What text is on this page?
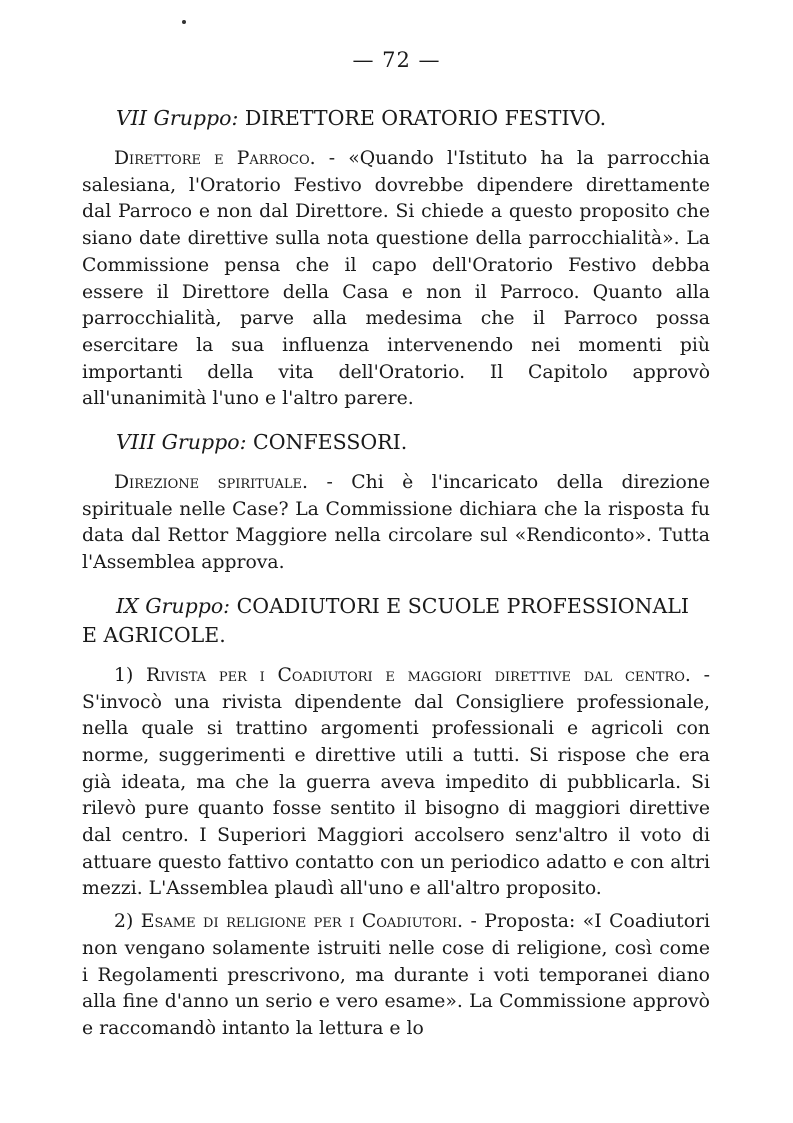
— 72 —

VII Gruppo: DIRETTORE ORATORIO FESTIVO.

Direttore e Parroco. - «Quando l'Istituto ha la parrocchia salesiana, l'Oratorio Festivo dovrebbe dipendere direttamente dal Parroco e non dal Direttore. Si chiede a questo proposito che siano date direttive sulla nota questione della parrocchialità». La Commissione pensa che il capo dell'Oratorio Festivo debba essere il Direttore della Casa e non il Parroco. Quanto alla parrocchialità, parve alla medesima che il Parroco possa esercitare la sua influenza intervenendo nei momenti più importanti della vita dell'Oratorio. Il Capitolo approvò all'unanimità l'uno e l'altro parere.

VIII Gruppo: CONFESSORI.

Direzione spirituale. - Chi è l'incaricato della direzione spirituale nelle Case? La Commissione dichiara che la risposta fu data dal Rettor Maggiore nella circolare sul «Rendiconto». Tutta l'Assemblea approva.

IX Gruppo: COADIUTORI E SCUOLE PROFESSIONALI E AGRICOLE.

1) Rivista per i Coadiutori e maggiori direttive dal centro. - S'invocò una rivista dipendente dal Consigliere professionale, nella quale si trattino argomenti professionali e agricoli con norme, suggerimenti e direttive utili a tutti. Si rispose che era già ideata, ma che la guerra aveva impedito di pubblicarla. Si rilevò pure quanto fosse sentito il bisogno di maggiori direttive dal centro. I Superiori Maggiori accolsero senz'altro il voto di attuare questo fattivo contatto con un periodico adatto e con altri mezzi. L'Assemblea plaudì all'uno e all'altro proposito.

2) Esame di religione per i Coadiutori. - Proposta: «I Coadiutori non vengano solamente istruiti nelle cose di religione, così come i Regolamenti prescrivono, ma durante i voti temporanei diano alla fine d'anno un serio e vero esame». La Commissione approvò e raccomandò intanto la lettura e lo
